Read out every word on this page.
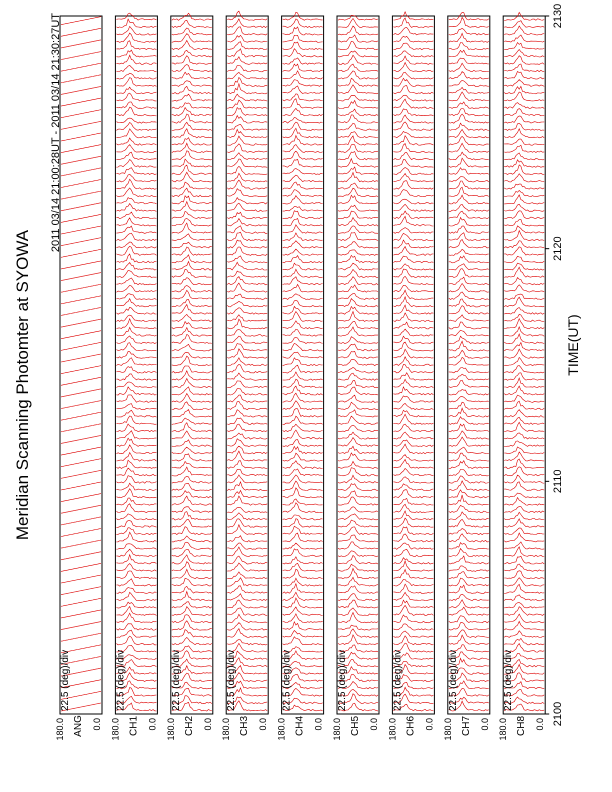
22.5 (deg)/div
ANG
180.0	0.0
22.5 (deg)/div
CH1
180.0	0.0
22.5 (deg)/div
CH2
180.0	0.0
22.5 (deg)/div
CH3
180.0	0.0
22.5 (deg)/div
CH4
180.0	0.0
22.5 (deg)/div
CH5
180.0	0.0
22.5 (deg)/div
CH6
180.0	0.0
22.5 (deg)/div
CH7
180.0	0.0
22.5 (deg)/div
CH8
180.0	0.0
Meridian Scanning Photomter at SYOWA
2011 03/14 21:00:28UT - 2011 03/14 21:30:27UT
TIME(UT)
2100
2110
2120
2130
